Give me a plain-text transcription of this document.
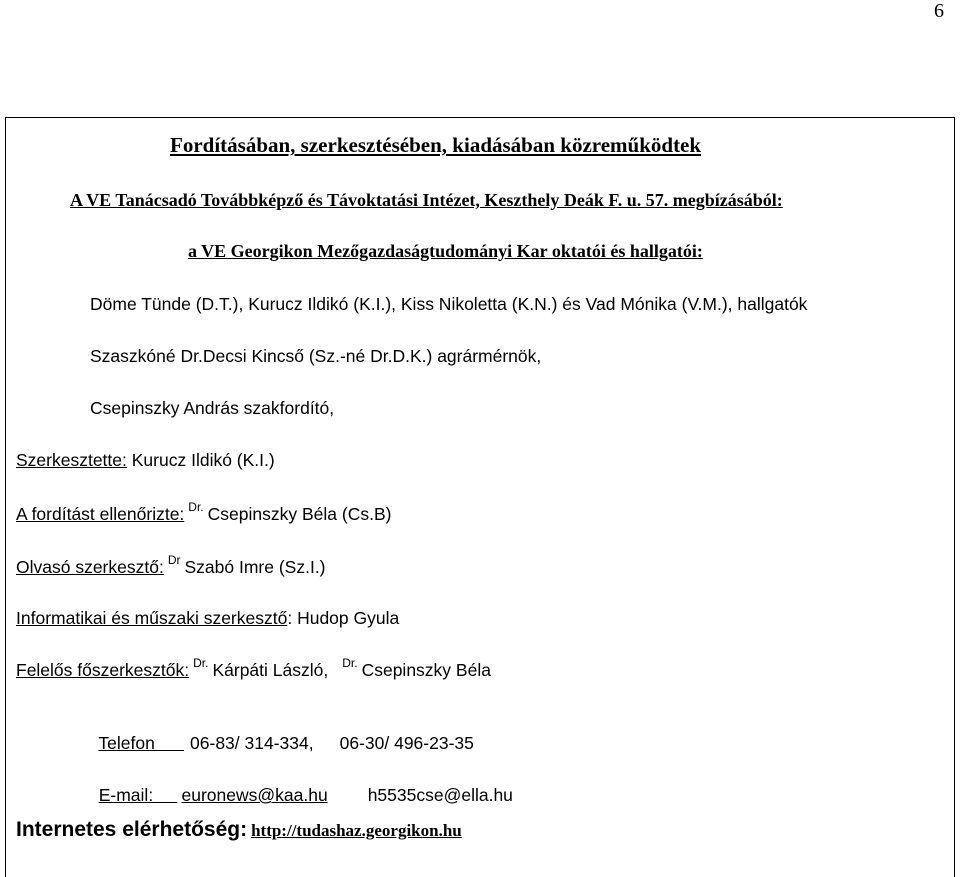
6
Fordításában, szerkesztésében, kiadásában közreműködtek
A VE Tanácsadó Továbbképző és Távoktatási Intézet, Keszthely Deák F. u. 57. megbízásából:
a VE Georgikon Mezőgazdaságtudományi Kar oktatói és hallgatói:
Döme Tünde (D.T.), Kurucz Ildikó (K.I.), Kiss Nikoletta (K.N.) és Vad Mónika (V.M.), hallgatók
Szaszkóné Dr.Decsi Kincső (Sz.-né Dr.D.K.) agrármérnök,
Csepinszky András szakfordító,
Szerkesztette: Kurucz Ildikó (K.I.)
A fordítást ellenőrizte: $^{Dr.}$ Csepinszky Béla (Cs.B)
Olvasó szerkesztő: $^{Dr}$ Szabó Imre (Sz.I.)
Informatikai és műszaki szerkesztő: Hudop Gyula
Felelős főszerkesztők: $^{Dr.}$ Kárpáti László, $^{Dr.}$ Csepinszky Béla

Telefon      06-83/ 314-334, 06-30/ 496-23-35

E-mail:     euronews@kaa.hu h5535cse@ella.hu

Internetes elérhetőség: http://tudashaz.georgikon.hu
